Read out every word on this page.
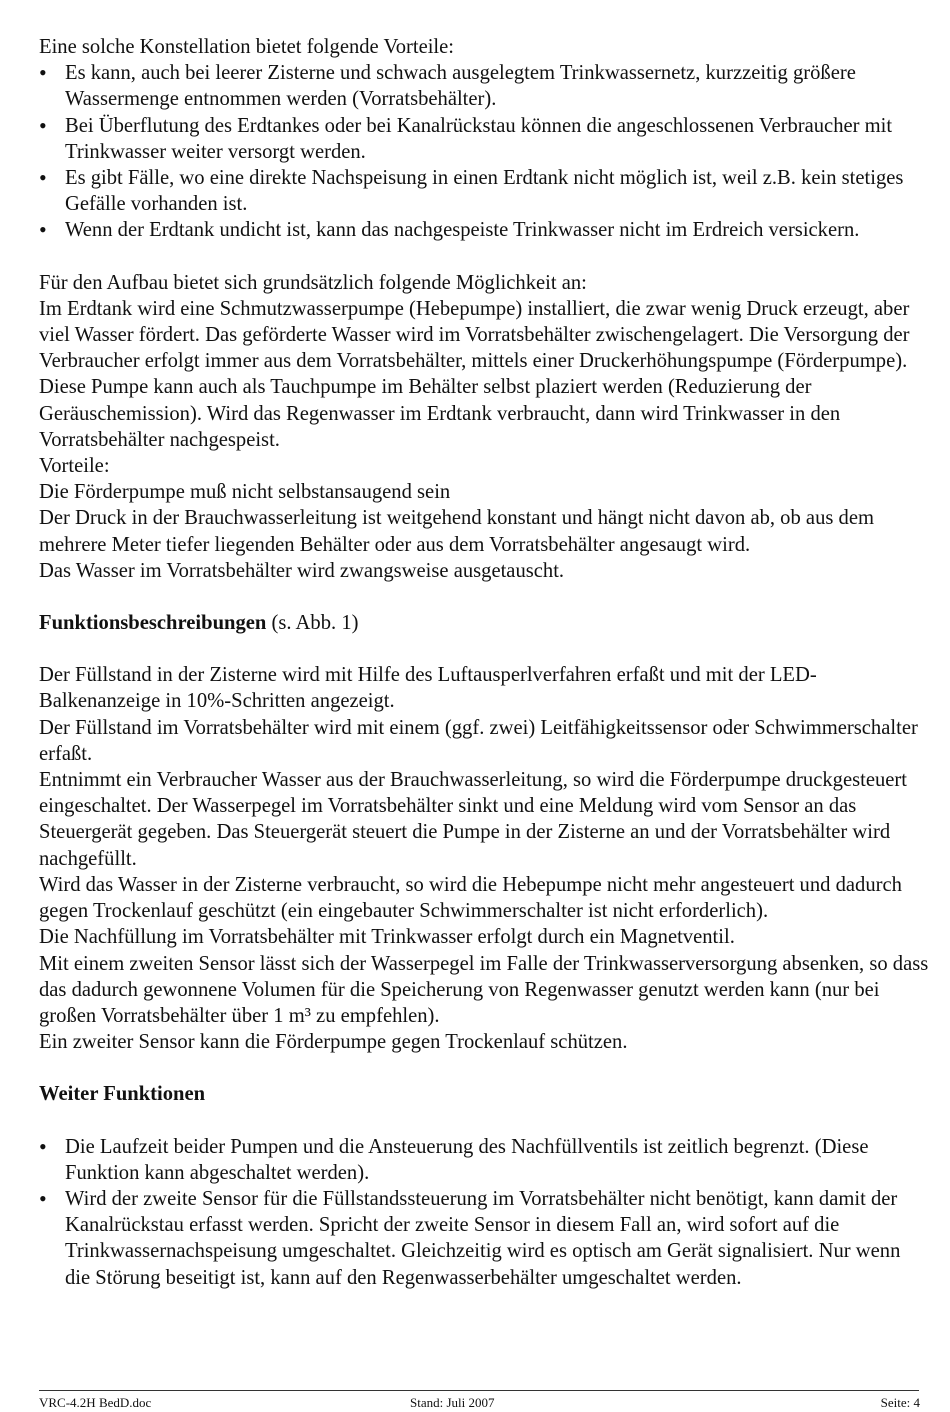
Eine solche Konstellation bietet folgende Vorteile:

• Es kann, auch bei leerer Zisterne und schwach ausgelegtem Trinkwassernetz, kurzzeitig größere Wassermenge entnommen werden (Vorratsbehälter).
• Bei Überflutung des Erdtankes oder bei Kanalrückstau können die angeschlossenen Verbraucher mit Trinkwasser weiter versorgt werden.
• Es gibt Fälle, wo eine direkte Nachspeisung in einen Erdtank nicht möglich ist, weil z.B. kein stetiges Gefälle vorhanden ist.
• Wenn der Erdtank undicht ist, kann das nachgespeiste Trinkwasser nicht im Erdreich versickern.

Für den Aufbau bietet sich grundsätzlich folgende Möglichkeit an:

Im Erdtank wird eine Schmutzwasserpumpe (Hebepumpe) installiert, die zwar wenig Druck erzeugt, aber viel Wasser fördert. Das geförderte Wasser wird im Vorratsbehälter zwischengelagert. Die Versorgung der Verbraucher erfolgt immer aus dem Vorratsbehälter, mittels einer Druckerhöhungspumpe (Förderpumpe). Diese Pumpe kann auch als Tauchpumpe im Behälter selbst plaziert werden (Reduzierung der Geräuschemission). Wird das Regenwasser im Erdtank verbraucht, dann wird Trinkwasser in den Vorratsbehälter nachgespeist.

Vorteile:

Die Förderpumpe muß nicht selbstansaugend sein

Der Druck in der Brauchwasserleitung ist weitgehend konstant und hängt nicht davon ab, ob aus dem mehrere Meter tiefer liegenden Behälter oder aus dem Vorratsbehälter angesaugt wird.

Das Wasser im Vorratsbehälter wird zwangsweise ausgetauscht.

Funktionsbeschreibungen (s. Abb. 1)

Der Füllstand in der Zisterne wird mit Hilfe des Luftausperlverfahren erfaßt und mit der LED-Balkenanzeige in 10%-Schritten angezeigt.

Der Füllstand im Vorratsbehälter wird mit einem (ggf. zwei) Leitfähigkeitssensor oder Schwimmerschalter erfaßt.

Entnimmt ein Verbraucher Wasser aus der Brauchwasserleitung, so wird die Förderpumpe druckgesteuert eingeschaltet. Der Wasserpegel im Vorratsbehälter sinkt und eine Meldung wird vom Sensor an das Steuergerät gegeben. Das Steuergerät steuert die Pumpe in der Zisterne an und der Vorratsbehälter wird nachgefüllt.

Wird das Wasser in der Zisterne verbraucht, so wird die Hebepumpe nicht mehr angesteuert und dadurch gegen Trockenlauf geschützt (ein eingebauter Schwimmerschalter ist nicht erforderlich).

Die Nachfüllung im Vorratsbehälter mit Trinkwasser erfolgt durch ein Magnetventil.

Mit einem zweiten Sensor lässt sich der Wasserpegel im Falle der Trinkwasserversorgung absenken, so dass das dadurch gewonnene Volumen für die Speicherung von Regenwasser genutzt werden kann (nur bei großen Vorratsbehälter über 1 m³ zu empfehlen).

Ein zweiter Sensor kann die Förderpumpe gegen Trockenlauf schützen.

Weiter Funktionen

• Die Laufzeit beider Pumpen und die Ansteuerung des Nachfüllventils ist zeitlich begrenzt. (Diese Funktion kann abgeschaltet werden).
• Wird der zweite Sensor für die Füllstandssteuerung im Vorratsbehälter nicht benötigt, kann damit der Kanalrückstau erfasst werden. Spricht der zweite Sensor in diesem Fall an, wird sofort auf die Trinkwassernachspeisung umgeschaltet. Gleichzeitig wird es optisch am Gerät signalisiert. Nur wenn die Störung beseitigt ist, kann auf den Regenwasserbehälter umgeschaltet werden.
VRC-4.2H BedD.doc	Stand: Juli 2007	Seite: 4
